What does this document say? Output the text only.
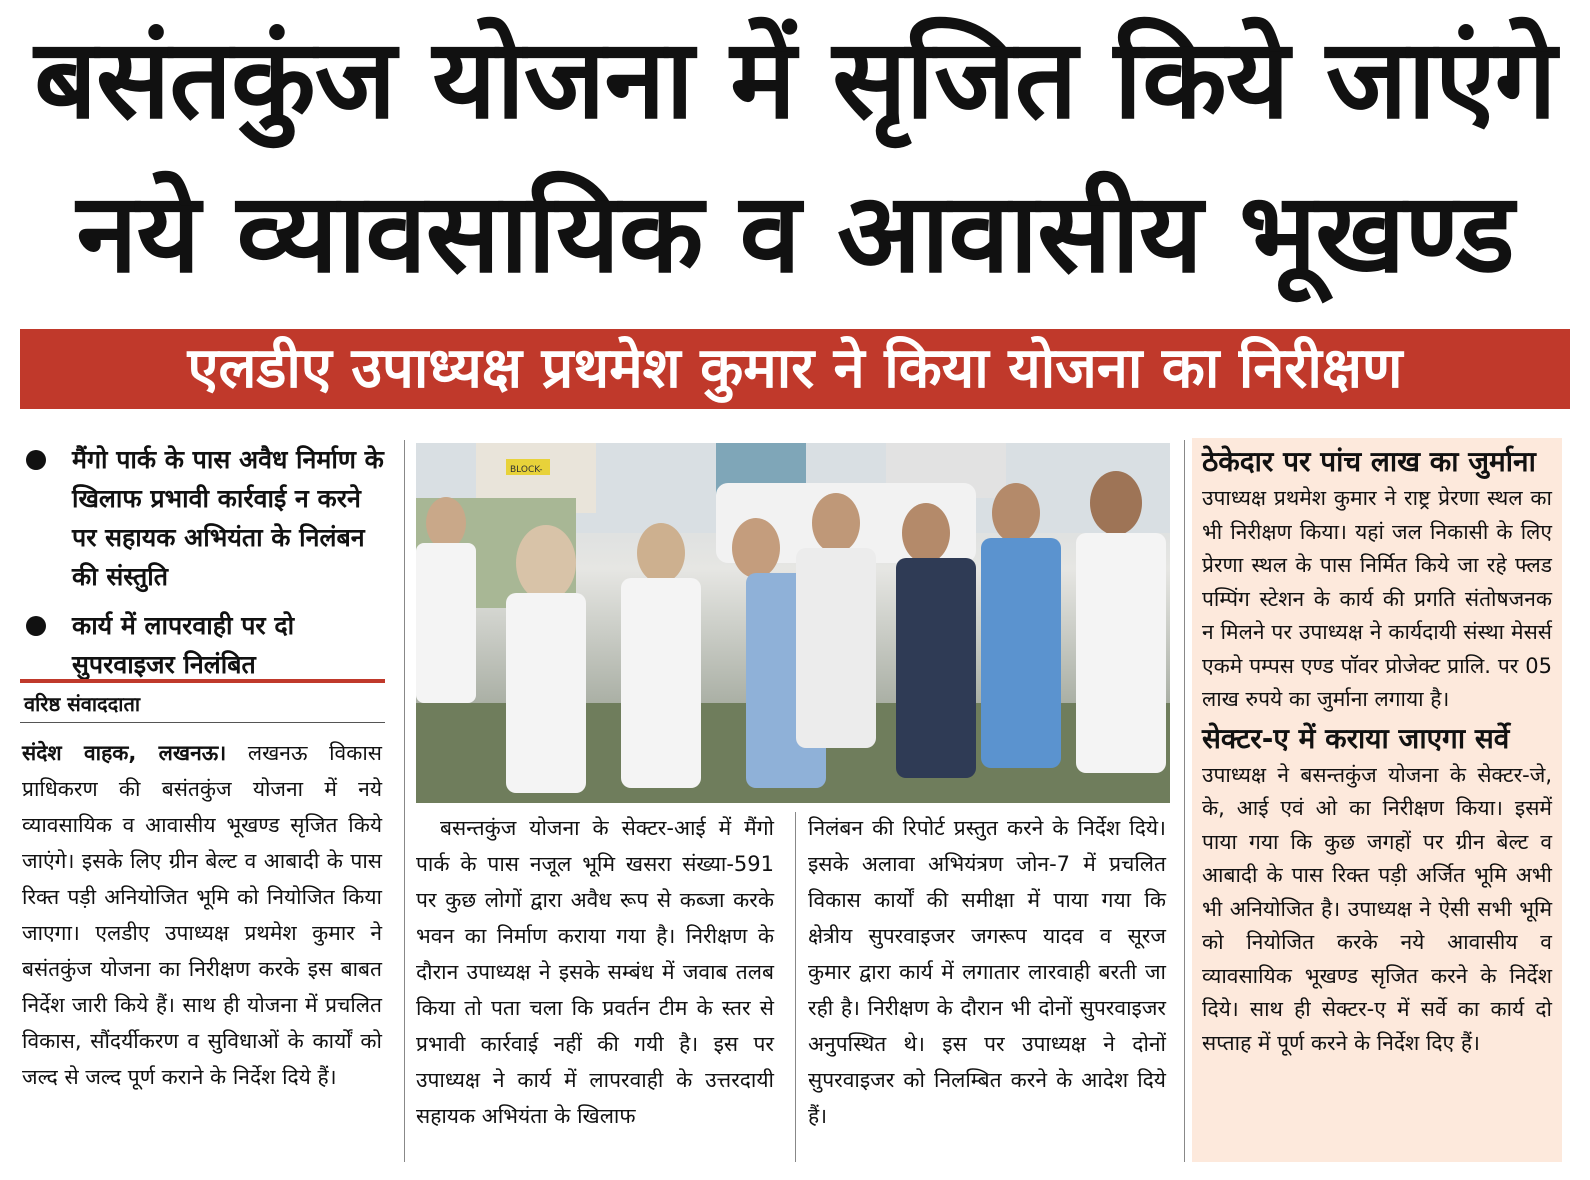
बसंतकुंज योजना में सृजित किये जाएंगे
नये व्यावसायिक व आवासीय भूखण्ड
एलडीए उपाध्यक्ष प्रथमेश कुमार ने किया योजना का निरीक्षण
मैंगो पार्क के पास अवैध निर्माण के खिलाफ प्रभावी कार्रवाई न करने पर सहायक अभियंता के निलंबन की संस्तुति
कार्य में लापरवाही पर दो सुपरवाइजर निलंबित
वरिष्ठ संवाददाता
संदेश वाहक, लखनऊ। लखनऊ विकास प्राधिकरण की बसंतकुंज योजना में नये व्यावसायिक व आवासीय भूखण्ड सृजित किये जाएंगे। इसके लिए ग्रीन बेल्ट व आबादी के पास रिक्त पड़ी अनियोजित भूमि को नियोजित किया जाएगा। एलडीए उपाध्यक्ष प्रथमेश कुमार ने बसंतकुंज योजना का निरीक्षण करके इस बाबत निर्देश जारी किये हैं। साथ ही योजना में प्रचलित विकास, सौंदर्यीकरण व सुविधाओं के कार्यों को जल्द से जल्द पूर्ण कराने के निर्देश दिये हैं।
BLOCK-
बसन्तकुंज योजना के सेक्टर-आई में मैंगो पार्क के पास नजूल भूमि खसरा संख्या-591 पर कुछ लोगों द्वारा अवैध रूप से कब्जा करके भवन का निर्माण कराया गया है। निरीक्षण के दौरान उपाध्यक्ष ने इसके सम्बंध में जवाब तलब किया तो पता चला कि प्रवर्तन टीम के स्तर से प्रभावी कार्रवाई नहीं की गयी है। इस पर उपाध्यक्ष ने कार्य में लापरवाही के उत्तरदायी सहायक अभियंता के खिलाफ
निलंबन की रिपोर्ट प्रस्तुत करने के निर्देश दिये। इसके अलावा अभियंत्रण जोन-7 में प्रचलित विकास कार्यों की समीक्षा में पाया गया कि क्षेत्रीय सुपरवाइजर जगरूप यादव व सूरज कुमार द्वारा कार्य में लगातार लारवाही बरती जा रही है। निरीक्षण के दौरान भी दोनों सुपरवाइजर अनुपस्थित थे। इस पर उपाध्यक्ष ने दोनों सुपरवाइजर को निलम्बित करने के आदेश दिये हैं।
ठेकेदार पर पांच लाख का जुर्माना
उपाध्यक्ष प्रथमेश कुमार ने राष्ट्र प्रेरणा स्थल का भी निरीक्षण किया। यहां जल निकासी के लिए प्रेरणा स्थल के पास निर्मित किये जा रहे फ्लड पम्पिंग स्टेशन के कार्य की प्रगति संतोषजनक न मिलने पर उपाध्यक्ष ने कार्यदायी संस्था मेसर्स एकमे पम्पस एण्ड पॉवर प्रोजेक्ट प्रालि. पर 05 लाख रुपये का जुर्माना लगाया है।
सेक्टर-ए में कराया जाएगा सर्वे
उपाध्यक्ष ने बसन्तकुंज योजना के सेक्टर-जे, के, आई एवं ओ का निरीक्षण किया। इसमें पाया गया कि कुछ जगहों पर ग्रीन बेल्ट व आबादी के पास रिक्त पड़ी अर्जित भूमि अभी भी अनियोजित है। उपाध्यक्ष ने ऐसी सभी भूमि को नियोजित करके नये आवासीय व व्यावसायिक भूखण्ड सृजित करने के निर्देश दिये। साथ ही सेक्टर-ए में सर्वे का कार्य दो सप्ताह में पूर्ण करने के निर्देश दिए हैं।
